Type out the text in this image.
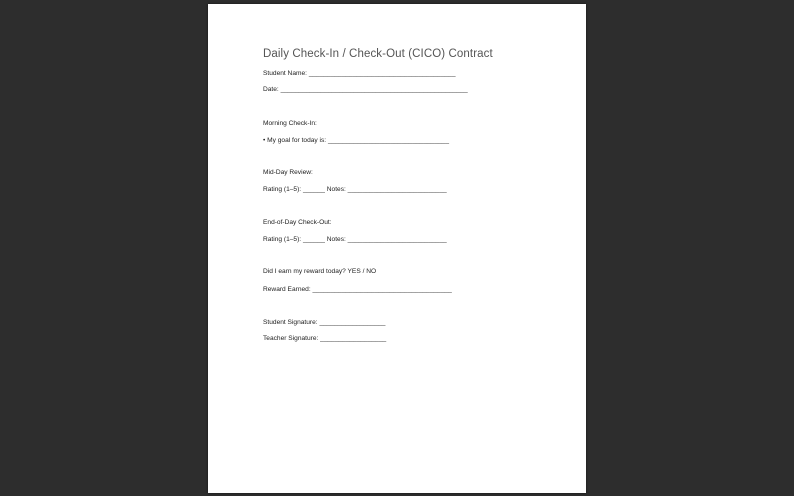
Daily Check-In / Check-Out (CICO) Contract
Student Name: ________________________________________
Date: ___________________________________________________
Morning Check-In:
• My goal for today is: _________________________________
Mid-Day Review:
Rating (1–5): ______ Notes: ___________________________
End-of-Day Check-Out:
Rating (1–5): ______ Notes: ___________________________
Did I earn my reward today? YES / NO
Reward Earned: ______________________________________
Student Signature: __________________
Teacher Signature: __________________
